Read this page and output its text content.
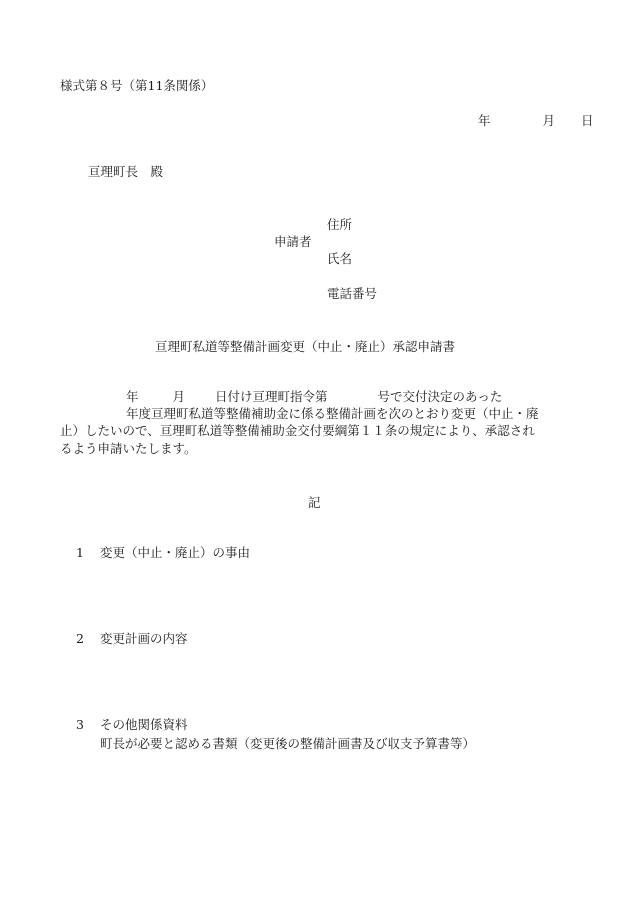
様式第８号（第11条関係）
年	月 日
亘理町長　殿
住所
申請者
氏名
電話番号
亘理町私道等整備計画変更（中止・廃止）承認申請書
年	月 日付け亘理町指令第	号で交付決定のあった
年度亘理町私道等整備補助金に係る整備計画を次のとおり変更（中止・廃
止）したいので、亘理町私道等整備補助金交付要綱第１１条の規定により、承認され
るよう申請いたします。
記
1 変更（中止・廃止）の事由
2 変更計画の内容
3 その他関係資料
町長が必要と認める書類（変更後の整備計画書及び収支予算書等）
